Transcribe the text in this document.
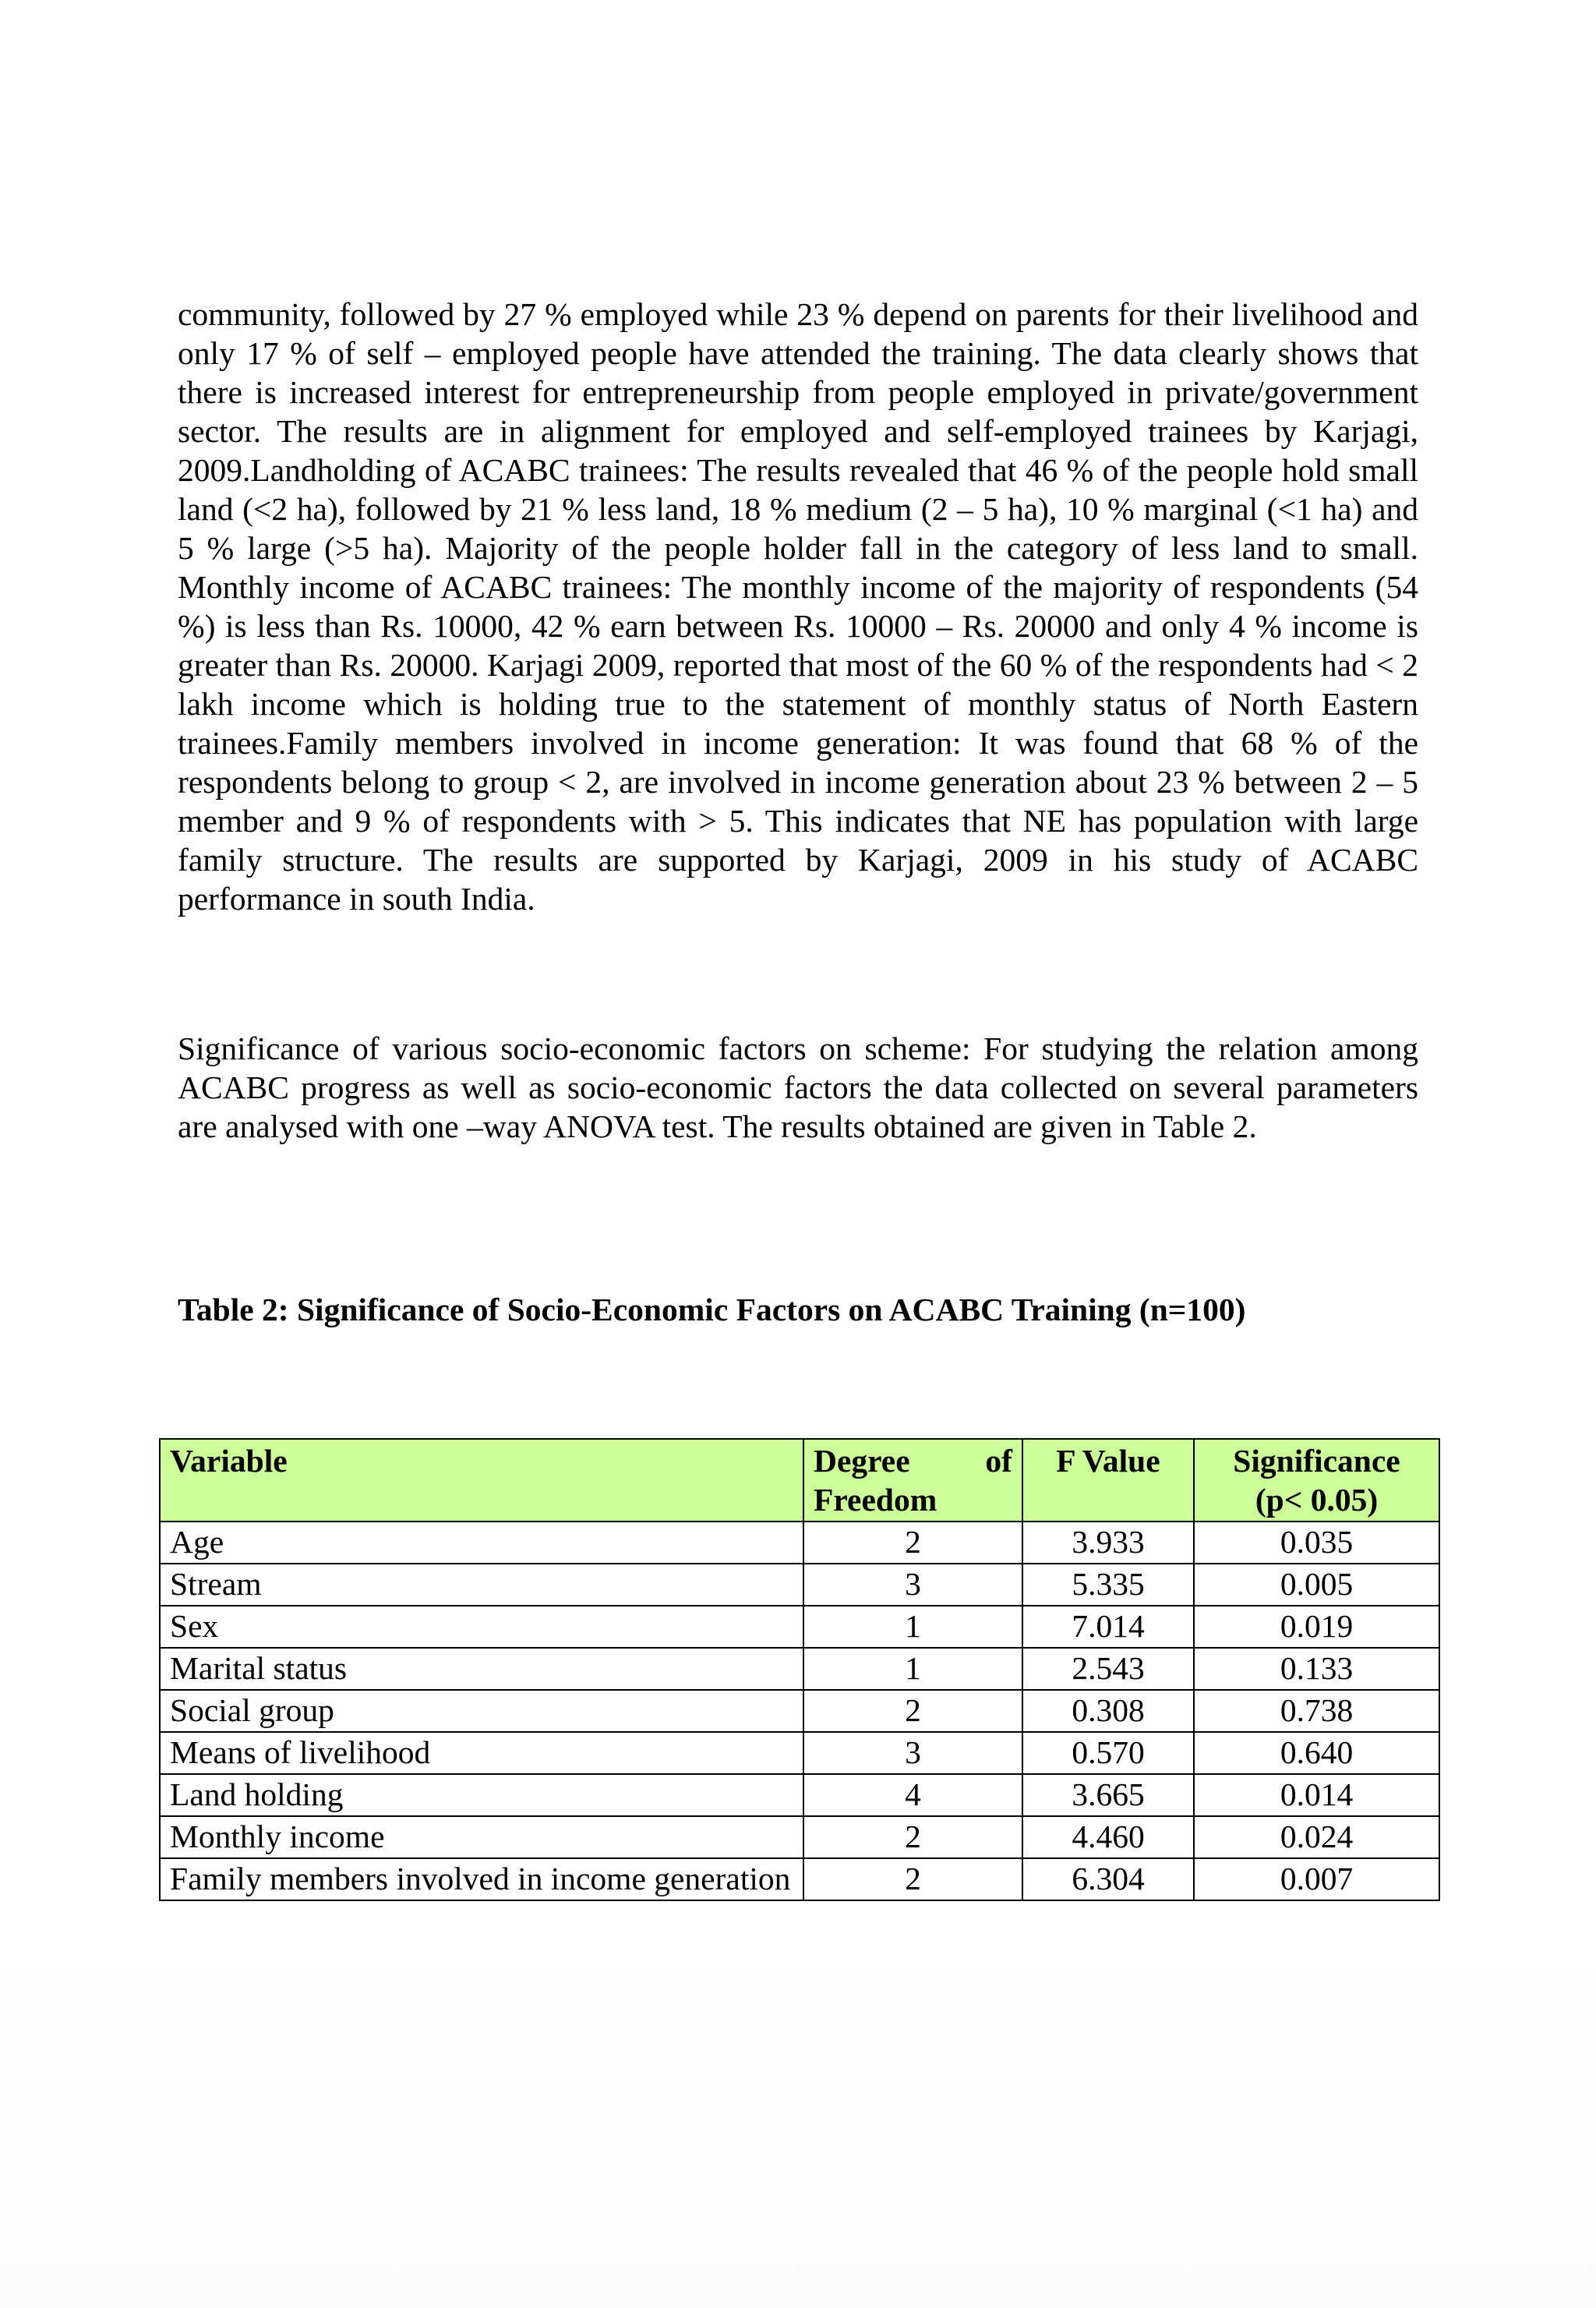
community, followed by 27 % employed while 23 % depend on parents for their livelihood and only 17 % of self – employed people have attended the training. The data clearly shows that there is increased interest for entrepreneurship from people employed in private/government sector. The results are in alignment for employed and self-employed trainees by Karjagi, 2009.Landholding of ACABC trainees: The results revealed that 46 % of the people hold small land (<2 ha), followed by 21 % less land, 18 % medium (2 – 5 ha), 10 % marginal (<1 ha) and 5 % large (>5 ha). Majority of the people holder fall in the category of less land to small. Monthly income of ACABC trainees: The monthly income of the majority of respondents (54 %) is less than Rs. 10000, 42 % earn between Rs. 10000 – Rs. 20000 and only 4 % income is greater than Rs. 20000. Karjagi 2009, reported that most of the 60 % of the respondents had < 2 lakh income which is holding true to the statement of monthly status of North Eastern trainees.Family members involved in income generation: It was found that 68 % of the respondents belong to group < 2, are involved in income generation about 23 % between 2 – 5 member and 9 % of respondents with > 5. This indicates that NE has population with large family structure. The results are supported by Karjagi, 2009 in his study of ACABC performance in south India.

Significance of various socio-economic factors on scheme: For studying the relation among ACABC progress as well as socio-economic factors the data collected on several parameters are analysed with one –way ANOVA test. The results obtained are given in Table 2.

Table 2: Significance of Socio-Economic Factors on ACABC Training (n=100)

Variable	Degree of Freedom	F Value	Significance
(p< 0.05)
Age	2	3.933	0.035
Stream	3	5.335	0.005
Sex	1	7.014	0.019
Marital status	1	2.543	0.133
Social group	2	0.308	0.738
Means of livelihood	3	0.570	0.640
Land holding	4	3.665	0.014
Monthly income	2	4.460	0.024
Family members involved in income generation	2	6.304	0.007
